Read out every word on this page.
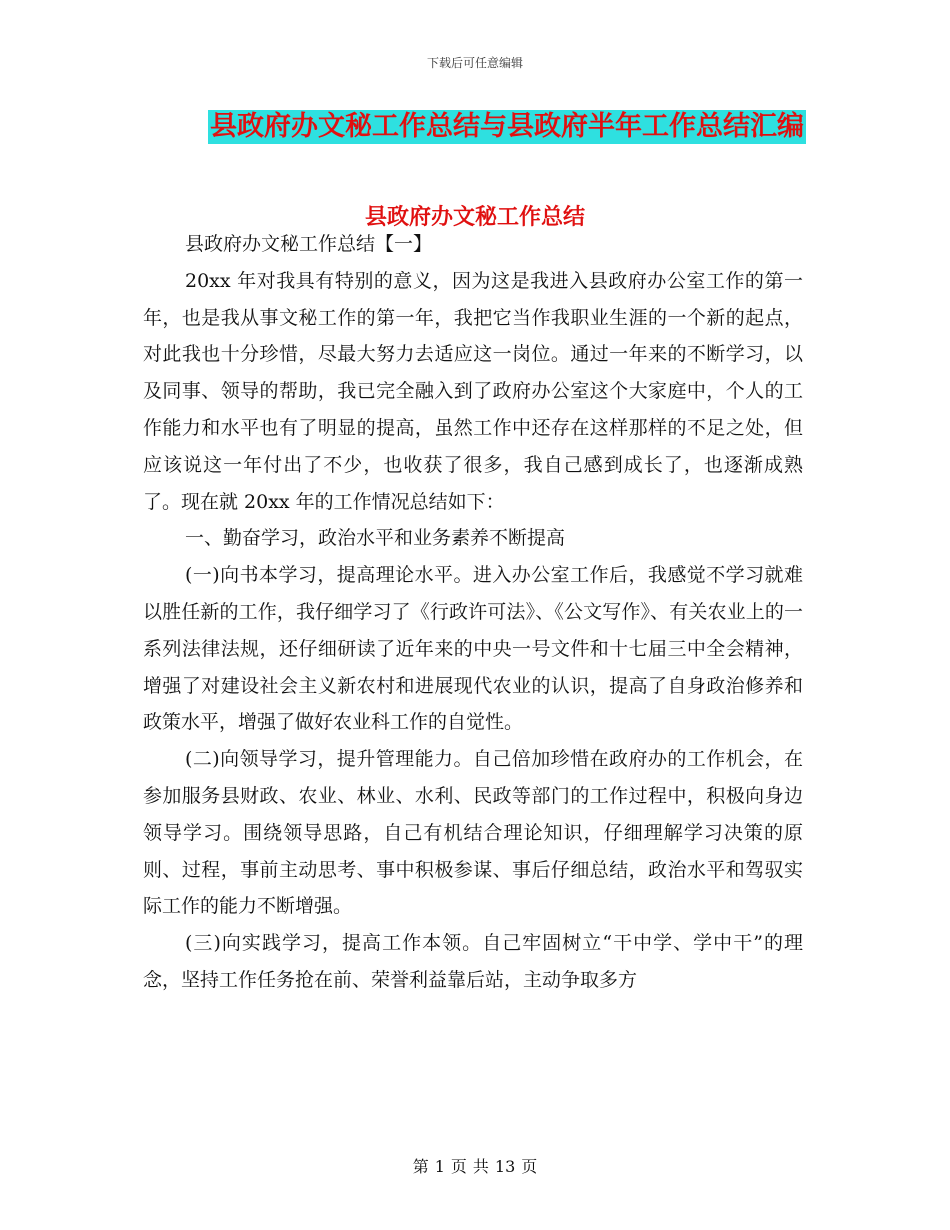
下载后可任意编辑
县政府办文秘工作总结与县政府半年工作总结汇编
县政府办文秘工作总结

县政府办文秘工作总结【一】

20xx 年对我具有特别的意义，因为这是我进入县政府办公室工作的第一年，也是我从事文秘工作的第一年，我把它当作我职业生涯的一个新的起点，对此我也十分珍惜，尽最大努力去适应这一岗位。通过一年来的不断学习，以及同事、领导的帮助，我已完全融入到了政府办公室这个大家庭中，个人的工作能力和水平也有了明显的提高，虽然工作中还存在这样那样的不足之处，但应该说这一年付出了不少，也收获了很多，我自己感到成长了，也逐渐成熟了。现在就 20xx 年的工作情况总结如下：

一、勤奋学习，政治水平和业务素养不断提高

(一)向书本学习，提高理论水平。进入办公室工作后，我感觉不学习就难以胜任新的工作，我仔细学习了《行政许可法》、《公文写作》、有关农业上的一系列法律法规，还仔细研读了近年来的中央一号文件和十七届三中全会精神，增强了对建设社会主义新农村和进展现代农业的认识，提高了自身政治修养和政策水平，增强了做好农业科工作的自觉性。

(二)向领导学习，提升管理能力。自己倍加珍惜在政府办的工作机会，在参加服务县财政、农业、林业、水利、民政等部门的工作过程中，积极向身边领导学习。围绕领导思路，自己有机结合理论知识，仔细理解学习决策的原则、过程，事前主动思考、事中积极参谋、事后仔细总结，政治水平和驾驭实际工作的能力不断增强。

(三)向实践学习，提高工作本领。自己牢固树立“干中学、学中干”的理念，坚持工作任务抢在前、荣誉利益靠后站，主动争取多方

第 1 页 共 13 页
